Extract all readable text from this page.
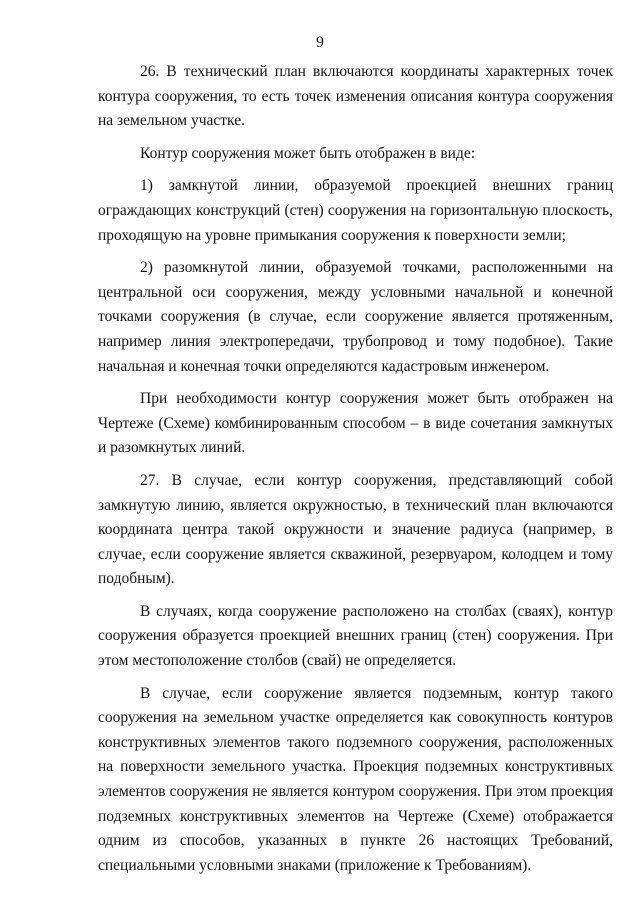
9

26. В технический план включаются координаты характерных точек контура сооружения, то есть точек изменения описания контура сооружения на земельном участке.

Контур сооружения может быть отображен в виде:

1) замкнутой линии, образуемой проекцией внешних границ ограждающих конструкций (стен) сооружения на горизонтальную плоскость, проходящую на уровне примыкания сооружения к поверхности земли;

2) разомкнутой линии, образуемой точками, расположенными на центральной оси сооружения, между условными начальной и конечной точками сооружения (в случае, если сооружение является протяженным, например линия электропередачи, трубопровод и тому подобное). Такие начальная и конечная точки определяются кадастровым инженером.

При необходимости контур сооружения может быть отображен на Чертеже (Схеме) комбинированным способом – в виде сочетания замкнутых и разомкнутых линий.

27. В случае, если контур сооружения, представляющий собой замкнутую линию, является окружностью, в технический план включаются координата центра такой окружности и значение радиуса (например, в случае, если сооружение является скважиной, резервуаром, колодцем и тому подобным).

В случаях, когда сооружение расположено на столбах (сваях), контур сооружения образуется проекцией внешних границ (стен) сооружения. При этом местоположение столбов (свай) не определяется.

В случае, если сооружение является подземным, контур такого сооружения на земельном участке определяется как совокупность контуров конструктивных элементов такого подземного сооружения, расположенных на поверхности земельного участка. Проекция подземных конструктивных элементов сооружения не является контуром сооружения. При этом проекция подземных конструктивных элементов на Чертеже (Схеме) отображается одним из способов, указанных в пункте 26 настоящих Требований, специальными условными знаками (приложение к Требованиям).
